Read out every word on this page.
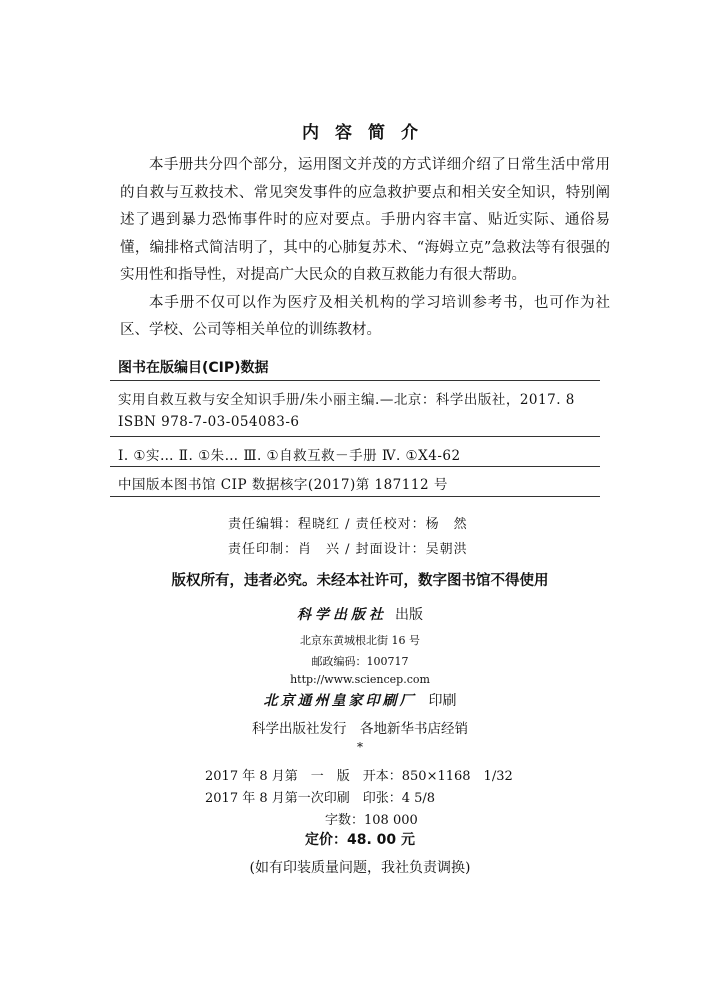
内容简介

本手册共分四个部分，运用图文并茂的方式详细介绍了日常生活中常用的自救与互救技术、常见突发事件的应急救护要点和相关安全知识，特别阐述了遇到暴力恐怖事件时的应对要点。手册内容丰富、贴近实际、通俗易懂，编排格式简洁明了，其中的心肺复苏术、“海姆立克”急救法等有很强的实用性和指导性，对提高广大民众的自救互救能力有很大帮助。

本手册不仅可以作为医疗及相关机构的学习培训参考书，也可作为社区、学校、公司等相关单位的训练教材。

图书在版编目(CIP)数据
实用自救互救与安全知识手册/朱小丽主编.—北京：科学出版社，2017. 8
ISBN 978-7-03-054083-6
Ⅰ. ①实… Ⅱ. ①朱… Ⅲ. ①自救互救－手册 Ⅳ. ①X4-62
中国版本图书馆 CIP 数据核字(2017)第 187112 号
责任编辑：程晓红 / 责任校对：杨　然
责任印制：肖　兴 / 封面设计：吴朝洪
版权所有，违者必究。未经本社许可，数字图书馆不得使用
科学出版社 出版
北京东黄城根北街 16 号
邮政编码：100717
http://www.sciencep.com
北京通州皇家印刷厂 印刷
科学出版社发行　各地新华书店经销
*
2017 年 8 月第　一　版　开本：850×1168　1/32
2017 年 8 月第一次印刷　印张：4 5/8
字数：108 000
定价：48. 00 元
(如有印装质量问题，我社负责调换)
